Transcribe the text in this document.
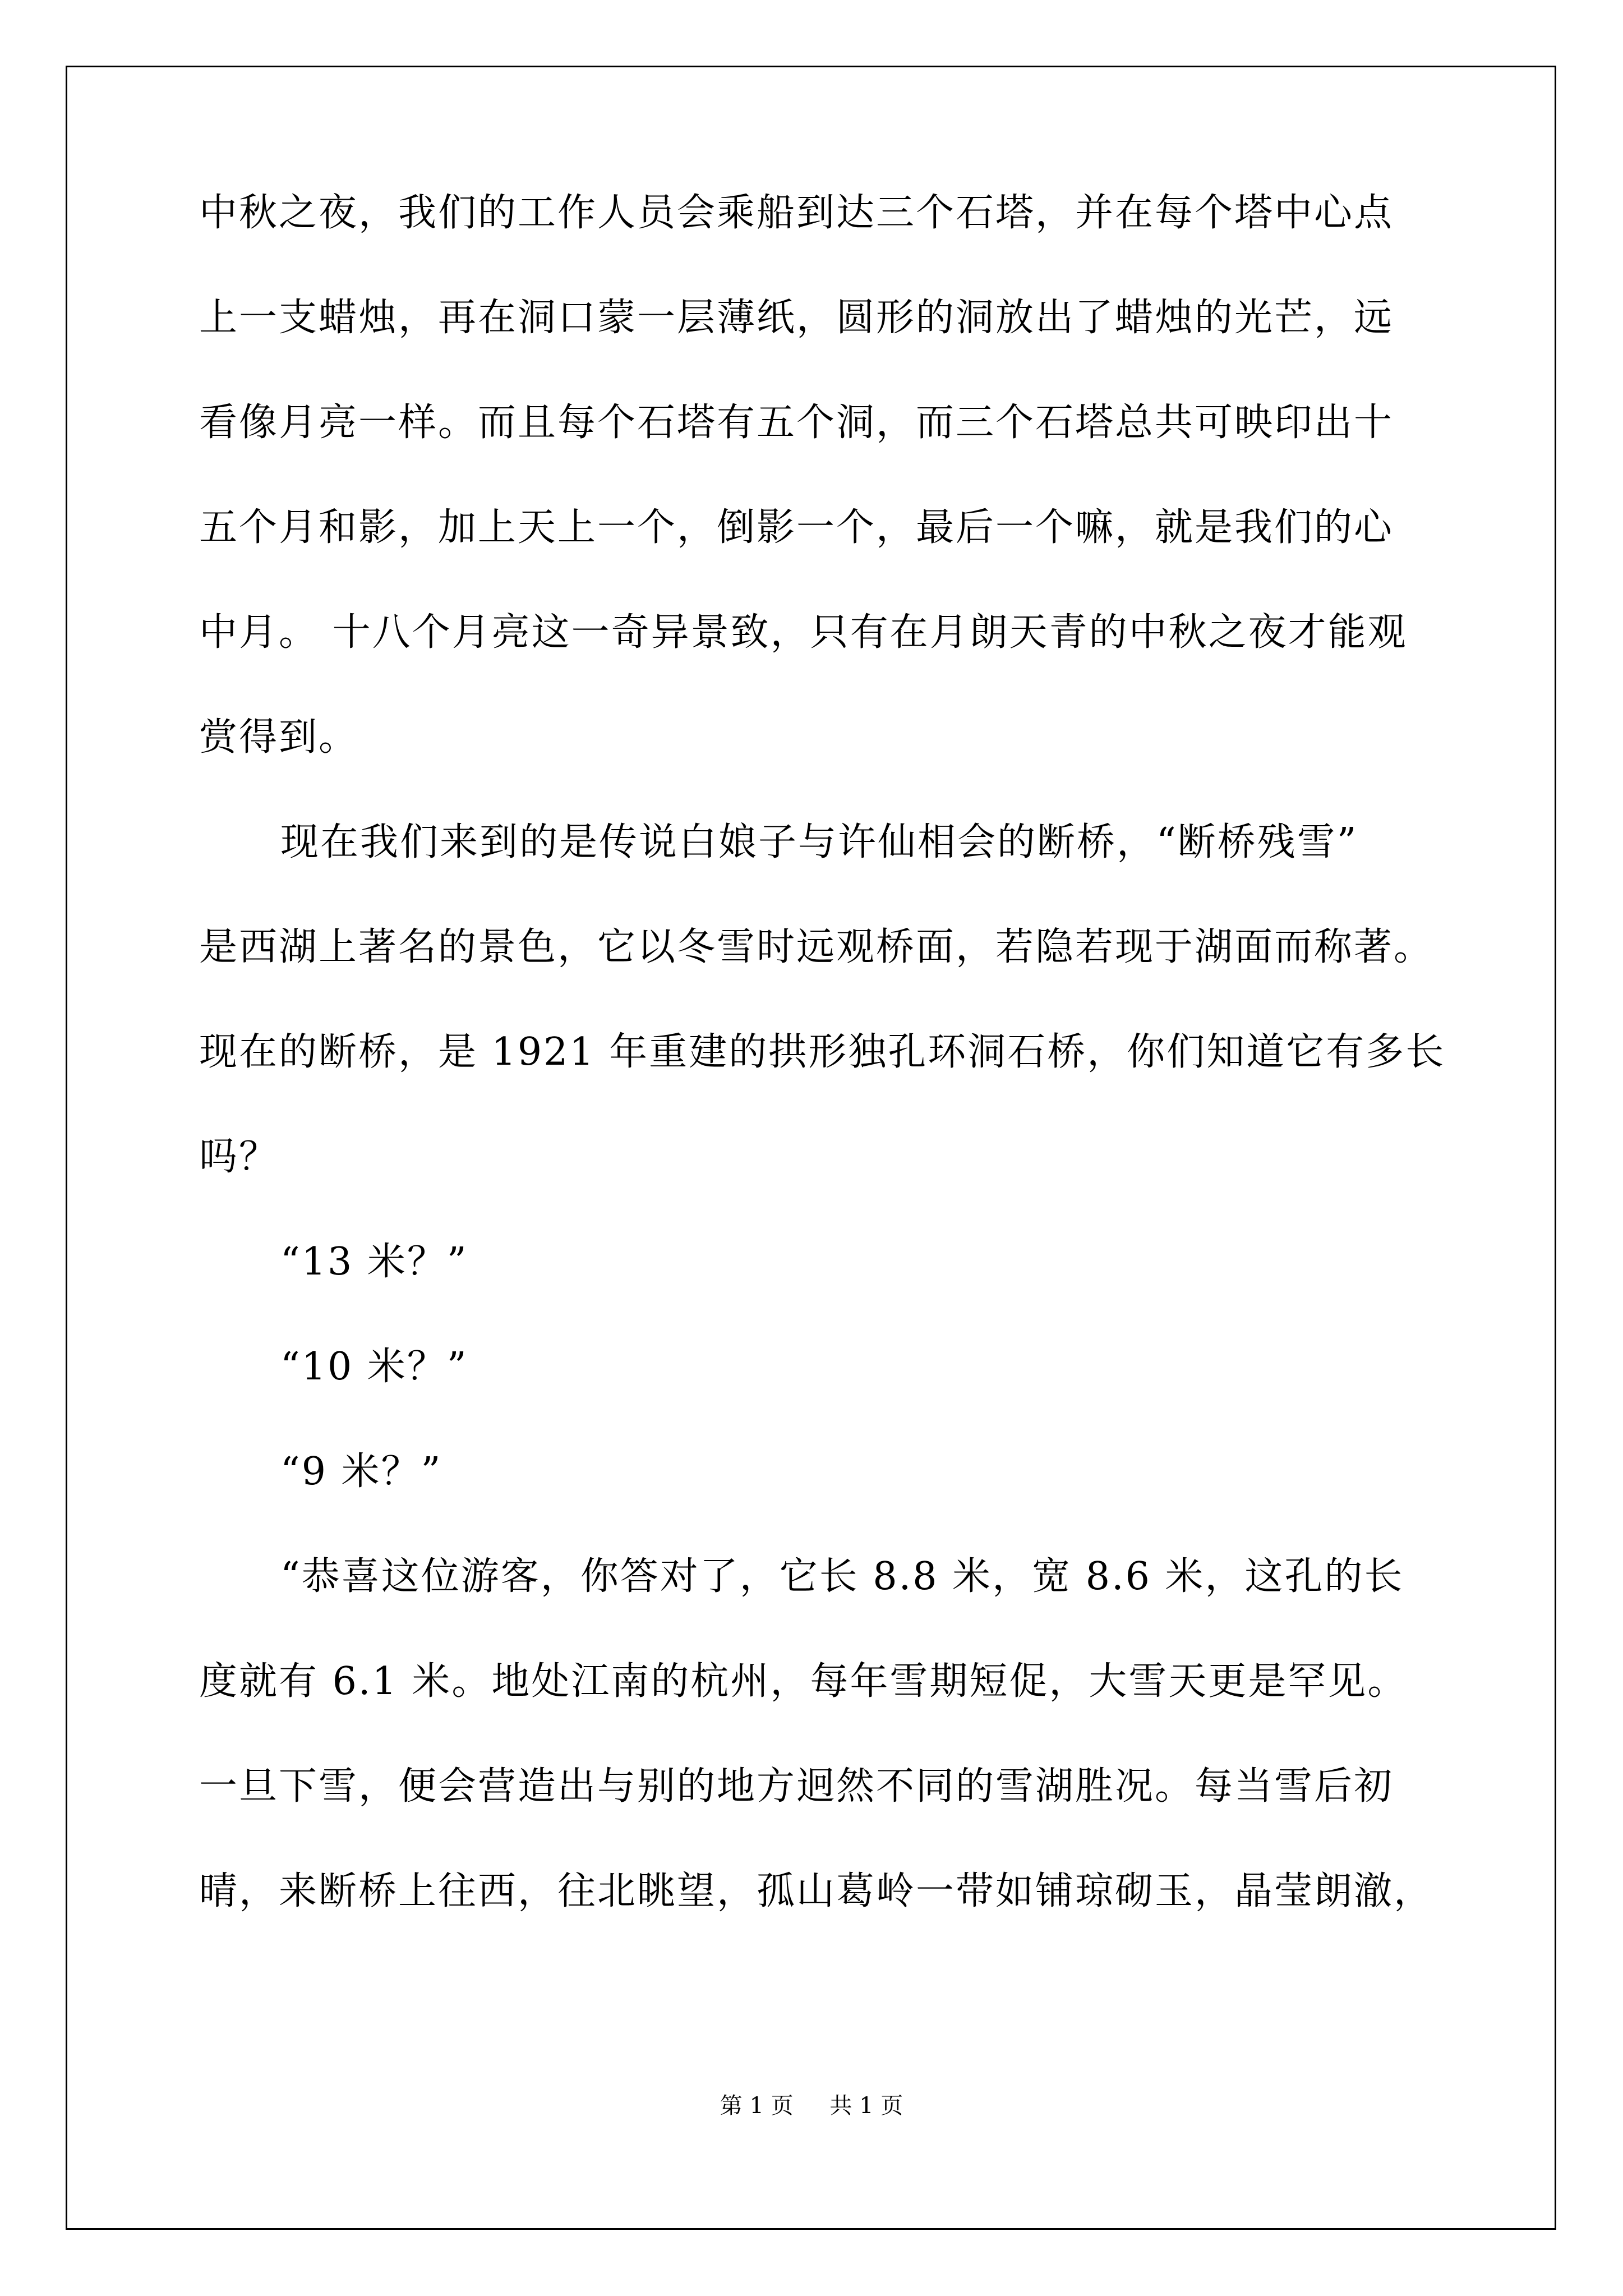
中秋之夜，我们的工作人员会乘船到达三个石塔，并在每个塔中心点
上一支蜡烛，再在洞口蒙一层薄纸，圆形的洞放出了蜡烛的光芒，远
看像月亮一样。而且每个石塔有五个洞，而三个石塔总共可映印出十
五个月和影，加上天上一个，倒影一个，最后一个嘛，就是我们的心
中月。 十八个月亮这一奇异景致，只有在月朗天青的中秋之夜才能观
赏得到。
现在我们来到的是传说白娘子与许仙相会的断桥，“断桥残雪”
是西湖上著名的景色，它以冬雪时远观桥面，若隐若现于湖面而称著。
现在的断桥，是 1921 年重建的拱形独孔环洞石桥，你们知道它有多长
吗？
“13 米？”
“10 米？”
“9 米？”
“恭喜这位游客，你答对了，它长 8.8 米，宽 8.6 米，这孔的长
度就有 6.1 米。地处江南的杭州，每年雪期短促，大雪天更是罕见。
一旦下雪，便会营造出与别的地方迥然不同的雪湖胜况。每当雪后初
晴，来断桥上往西，往北眺望，孤山葛岭一带如铺琼砌玉，晶莹朗澈，
第 1 页 共 1 页
